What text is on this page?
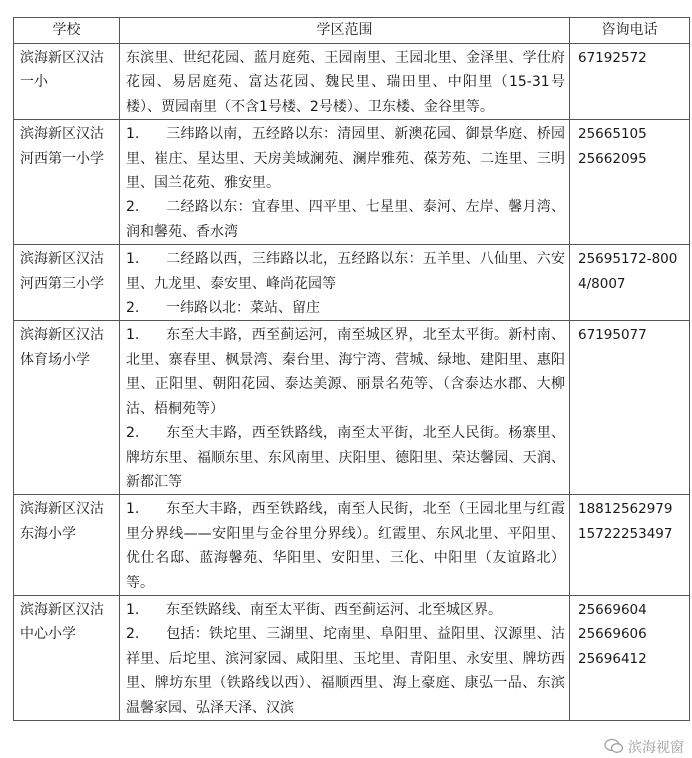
学校	学区范围	咨询电话
滨海新区汉沽一小	东滨里、世纪花园、蓝月庭苑、王园南里、王园北里、金泽里、学仕府花园、易居庭苑、富达花园、魏民里、瑞田里、中阳里（15-31号楼）、贾园南里（不含1号楼、2号楼）、卫东楼、金谷里等。	67192572

滨海新区汉沽河西第一小学	1. 三纬路以南，五经路以东：清园里、新澳花园、御景华庭、桥园里、崔庄、星达里、天房美域澜苑、澜岸雅苑、葆芳苑、二连里、三明里、国兰花苑、雅安里。
2. 二经路以东：宜春里、四平里、七星里、泰河、左岸、馨月湾、润和馨苑、香水湾	25665105
25662095

滨海新区汉沽河西第三小学	1. 二经路以西，三纬路以北，五经路以东：五羊里、八仙里、六安里、九龙里、泰安里、峰尚花园等
2. 一纬路以北：菜站、留庄	25695172-8004/8007

滨海新区汉沽体育场小学	1. 东至大丰路，西至蓟运河，南至城区界，北至太平街。新村南、北里、寨春里、枫景湾、秦台里、海宁湾、营城、绿地、建阳里、惠阳里、正阳里、朝阳花园、泰达美源、丽景名苑等、（含泰达水郡、大柳沽、梧桐苑等）
2. 东至大丰路，西至铁路线，南至太平街，北至人民街。杨寨里、牌坊东里、福顺东里、东风南里、庆阳里、德阳里、荣达馨园、天润、新都汇等	67195077

滨海新区汉沽东海小学	1. 东至大丰路，西至铁路线，南至人民街，北至（王园北里与红霞里分界线——安阳里与金谷里分界线）。红霞里、东风北里、平阳里、优仕名邸、蓝海馨苑、华阳里、安阳里、三化、中阳里（友谊路北）等。	18812562979
15722253497

滨海新区汉沽中心小学	1. 东至铁路线、南至太平街、西至蓟运河、北至城区界。
2. 包括：铁坨里、三湖里、坨南里、阜阳里、益阳里、汉源里、沽祥里、后坨里、滨河家园、咸阳里、玉坨里、青阳里、永安里、牌坊西里、牌坊东里（铁路线以西）、福顺西里、海上豪庭、康弘一品、东滨温馨家园、弘泽天泽、汉滨	25669604
25669606
25696412
滨海视窗
